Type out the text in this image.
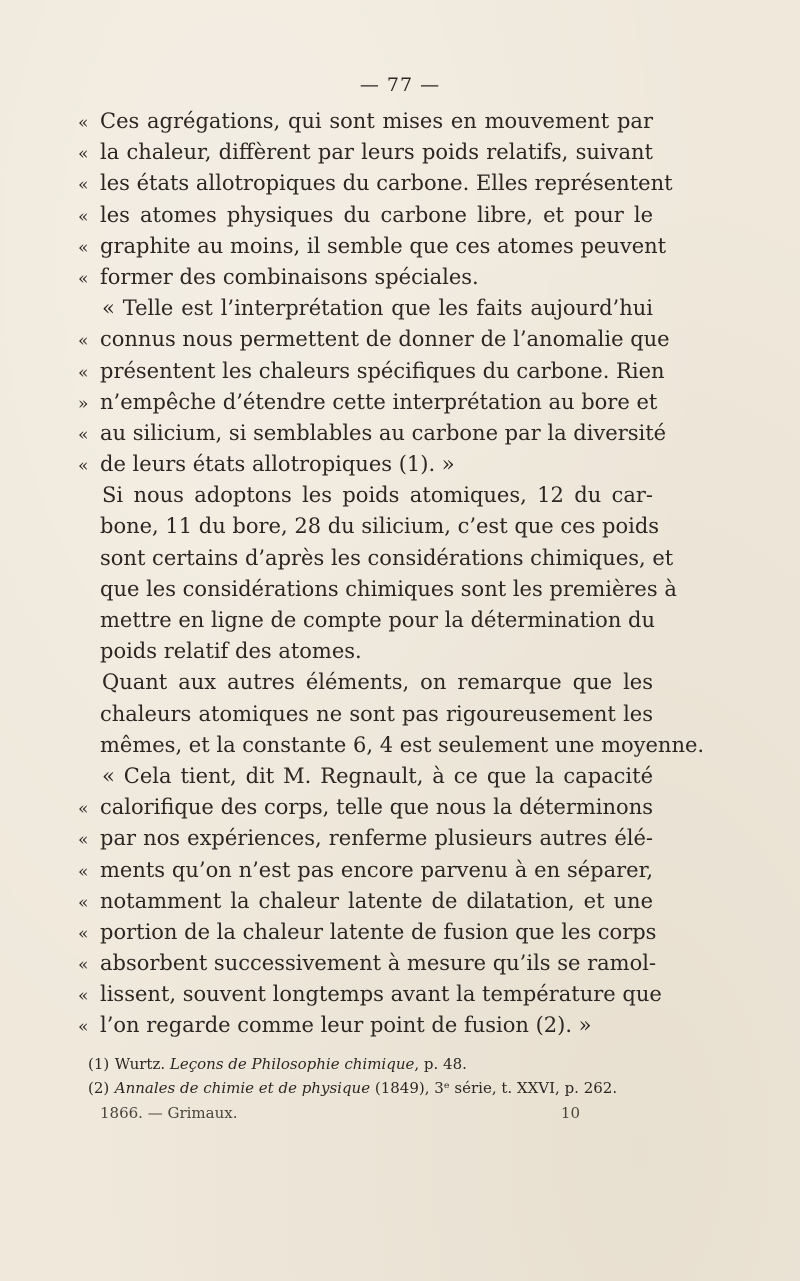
— 77 —
« Ces agrégations, qui sont mises en mouvement par
« la chaleur, diffèrent par leurs poids relatifs, suivant
« les états allotropiques du carbone. Elles représentent
« les atomes physiques du carbone libre, et pour le
« graphite au moins, il semble que ces atomes peuvent
« former des combinaisons spéciales.
« Telle est l’interprétation que les faits aujourd’hui
« connus nous permettent de donner de l’anomalie que
« présentent les chaleurs spécifiques du carbone. Rien
» n’empêche d’étendre cette interprétation au bore et
« au silicium, si semblables au carbone par la diversité
« de leurs états allotropiques (1). »
Si nous adoptons les poids atomiques, 12 du car-
bone, 11 du bore, 28 du silicium, c’est que ces poids
sont certains d’après les considérations chimiques, et
que les considérations chimiques sont les premières à
mettre en ligne de compte pour la détermination du
poids relatif des atomes.
Quant aux autres éléments, on remarque que les
chaleurs atomiques ne sont pas rigoureusement les
mêmes, et la constante 6, 4 est seulement une moyenne.
« Cela tient, dit M. Regnault, à ce que la capacité
« calorifique des corps, telle que nous la déterminons
« par nos expériences, renferme plusieurs autres élé-
« ments qu’on n’est pas encore parvenu à en séparer,
« notamment la chaleur latente de dilatation, et une
« portion de la chaleur latente de fusion que les corps
« absorbent successivement à mesure qu’ils se ramol-
« lissent, souvent longtemps avant la température que
« l’on regarde comme leur point de fusion (2). »
(1) Wurtz. Leçons de Philosophie chimique, p. 48.
(2) Annales de chimie et de physique (1849), 3ᵉ série, t. XXVI, p. 262.
1866. — Grimaux.	10
